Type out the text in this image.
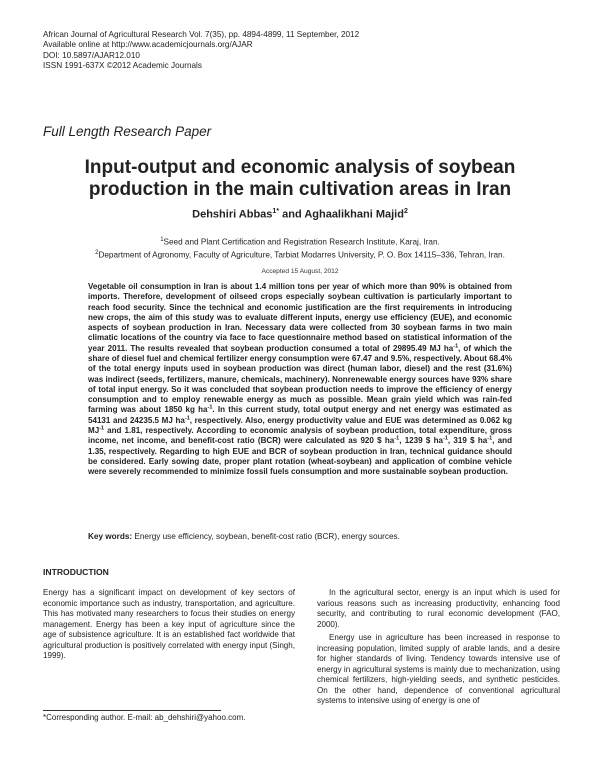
African Journal of Agricultural Research Vol. 7(35), pp. 4894-4899, 11 September, 2012
Available online at http://www.academicjournals.org/AJAR
DOI: 10.5897/AJAR12.010
ISSN 1991-637X ©2012 Academic Journals
Full Length Research Paper
Input-output and economic analysis of soybean
production in the main cultivation areas in Iran
Dehshiri Abbas$^{1*}$ and Aghaalikhani Majid$^2$
$^1$Seed and Plant Certification and Registration Research Institute, Karaj, Iran.
$^2$Department of Agronomy, Faculty of Agriculture, Tarbiat Modarres University, P. O. Box 14115–336, Tehran, Iran.
Accepted 15 August, 2012
Vegetable oil consumption in Iran is about 1.4 million tons per year of which more than 90% is obtained from imports. Therefore, development of oilseed crops especially soybean cultivation is particularly important to reach food security. Since the technical and economic justification are the first requirements in introducing new crops, the aim of this study was to evaluate different inputs, energy use efficiency (EUE), and economic aspects of soybean production in Iran. Necessary data were collected from 30 soybean farms in two main climatic locations of the country via face to face questionnaire method based on statistical information of the year 2011. The results revealed that soybean production consumed a total of 29895.49 MJ $ha^{-1}$, of which the share of diesel fuel and chemical fertilizer energy consumption were 67.47 and 9.5%, respectively. About 68.4% of the total energy inputs used in soybean production was direct (human labor, diesel) and the rest (31.6%) was indirect (seeds, fertilizers, manure, chemicals, machinery). Nonrenewable energy sources have 93% share of total input energy. So it was concluded that soybean production needs to improve the efficiency of energy consumption and to employ renewable energy as much as possible. Mean grain yield which was rain-fed farming was about 1850 kg $ha^{-1}$. In this current study, total output energy and net energy was estimated as 54131 and 24235.5 MJ $ha^{-1}$, respectively. Also, energy productivity value and EUE was determined as 0.062 kg $MJ^{-1}$ and 1.81, respectively. According to economic analysis of soybean production, total expenditure, gross income, net income, and benefit-cost ratio (BCR) were calculated as 920 $ $ha^{-1}$, 1239 $ $ha^{-1}$, 319 $ $ha^{-1}$, and 1.35, respectively. Regarding to high EUE and BCR of soybean production in Iran, technical guidance should be considered. Early sowing date, proper plant rotation (wheat-soybean) and application of combine vehicle were severely recommended to minimize fossil fuels consumption and more sustainable soybean production.
Key words: Energy use efficiency, soybean, benefit-cost ratio (BCR), energy sources.
INTRODUCTION

Energy has a significant impact on development of key sectors of economic importance such as industry, transportation, and agriculture. This has motivated many researchers to focus their studies on energy management. Energy has been a key input of agriculture since the age of subsistence agriculture. It is an established fact worldwide that agricultural production is positively correlated with energy input (Singh, 1999).

In the agricultural sector, energy is an input which is used for various reasons such as increasing productivity, enhancing food security, and contributing to rural economic development (FAO, 2000).

Energy use in agriculture has been increased in response to increasing population, limited supply of arable lands, and a desire for higher standards of living. Tendency towards intensive use of energy in agricultural systems is mainly due to mechanization, using chemical fertilizers, high-yielding seeds, and synthetic pesticides. On the other hand, dependence of conventional agricultural systems to intensive using of energy is one of

*Corresponding author. E-mail: ab_dehshiri@yahoo.com.
